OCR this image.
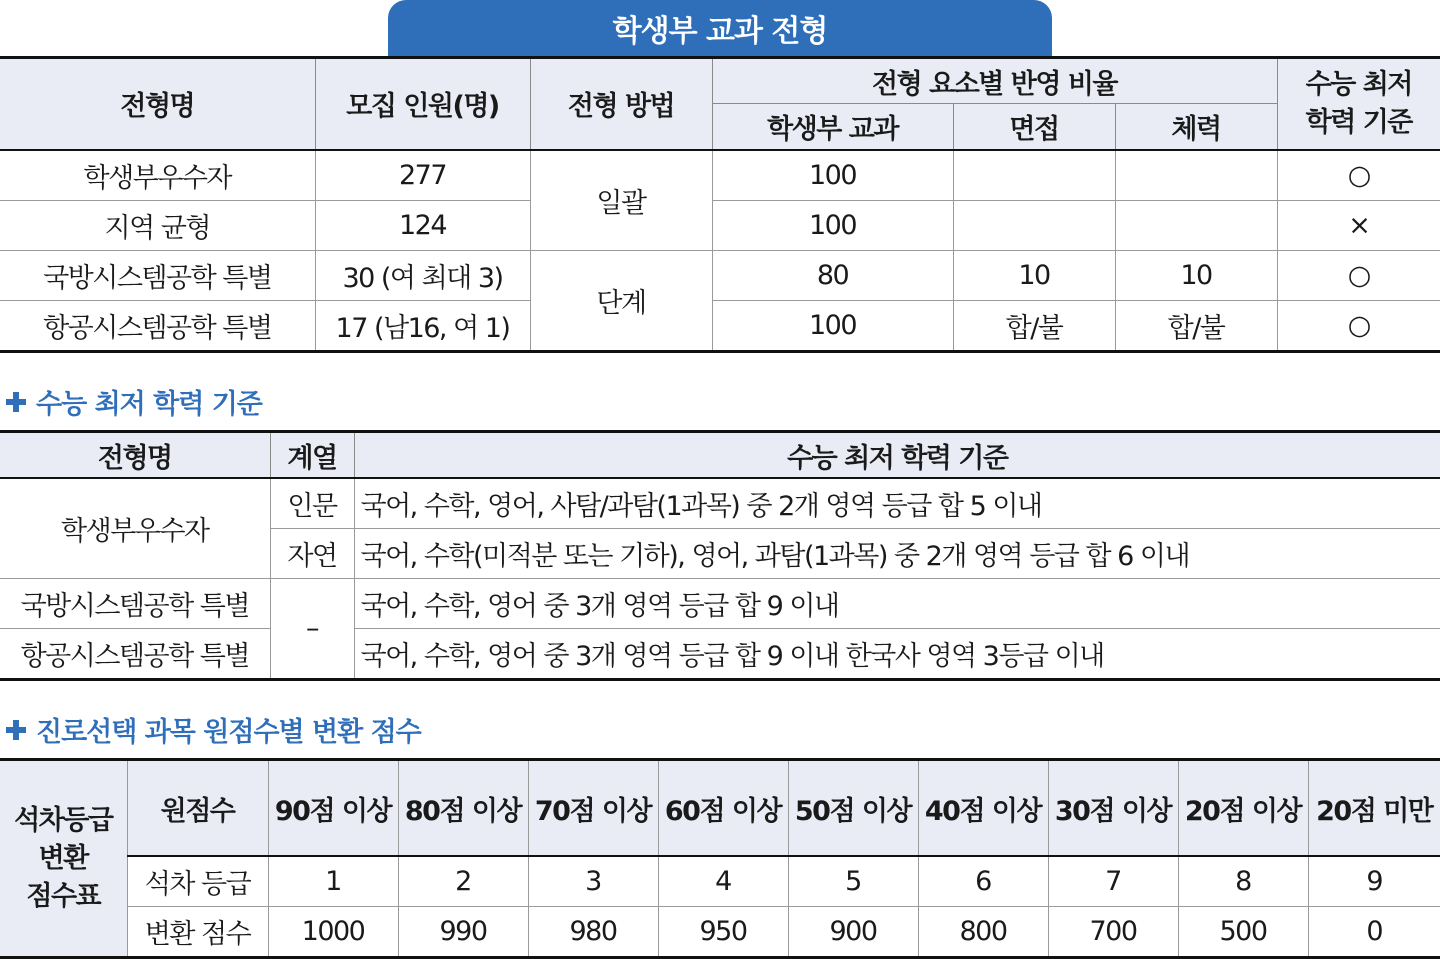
학생부 교과 전형
전형명	모집 인원(명)	전형 방법	전형 요소별 반영 비율			수능 최저
학력 기준
			학생부 교과	면접	체력	
학생부우수자	277	일괄	100			○
지역 균형	124		100			×
국방시스템공학 특별	30 (여 최대 3)	단계	80	10	10	○
항공시스템공학 특별	17 (남16, 여 1)		100	합/불	합/불	○
수능 최저 학력 기준
전형명	계열	수능 최저 학력 기준
학생부우수자	인문	국어, 수학, 영어, 사탐/과탐(1과목) 중 2개 영역 등급 합 5 이내
	자연	국어, 수학(미적분 또는 기하), 영어, 과탐(1과목) 중 2개 영역 등급 합 6 이내
국방시스템공학 특별	–	국어, 수학, 영어 중 3개 영역 등급 합 9 이내
항공시스템공학 특별		국어, 수학, 영어 중 3개 영역 등급 합 9 이내 한국사 영역 3등급 이내
진로선택 과목 원점수별 변환 점수
석차등급
변환
점수표	원점수	90점 이상	80점 이상	70점 이상	60점 이상	50점 이상	40점 이상	30점 이상	20점 이상	20점 미만
	석차 등급	1	2	3	4	5	6	7	8	9
	변환 점수	1000	990	980	950	900	800	700	500	0
